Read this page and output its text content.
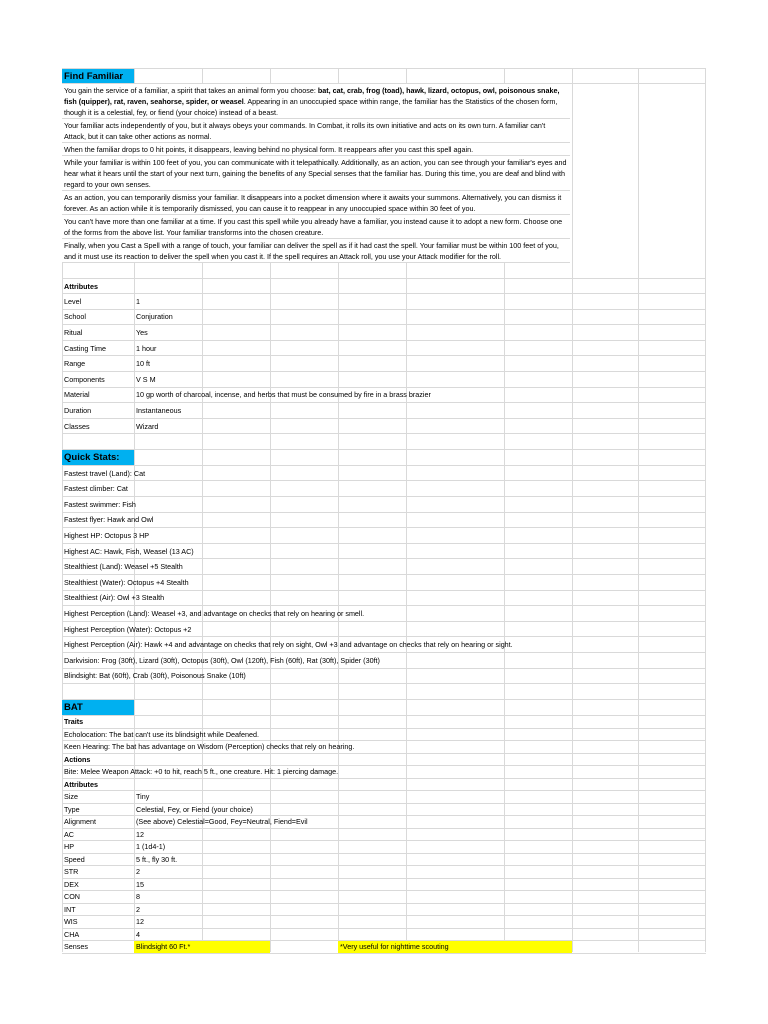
Find Familiar
You gain the service of a familiar, a spirit that takes an animal form you choose: bat, cat, crab, frog (toad), hawk, lizard, octopus, owl, poisonous snake, fish (quipper), rat, raven, seahorse, spider, or weasel. Appearing in an unoccupied space within range, the familiar has the Statistics of the chosen form, though it is a celestial, fey, or fiend (your choice) instead of a beast.
Your familiar acts independently of you, but it always obeys your commands. In Combat, it rolls its own initiative and acts on its own turn. A familiar can't Attack, but it can take other actions as normal.
When the familiar drops to 0 hit points, it disappears, leaving behind no physical form. It reappears after you cast this spell again.
While your familiar is within 100 feet of you, you can communicate with it telepathically. Additionally, as an action, you can see through your familiar's eyes and hear what it hears until the start of your next turn, gaining the benefits of any Special senses that the familiar has. During this time, you are deaf and blind with regard to your own senses.
As an action, you can temporarily dismiss your familiar. It disappears into a pocket dimension where it awaits your summons. Alternatively, you can dismiss it forever. As an action while it is temporarily dismissed, you can cause it to reappear in any unoccupied space within 30 feet of you.
You can't have more than one familiar at a time. If you cast this spell while you already have a familiar, you instead cause it to adopt a new form. Choose one of the forms from the above list. Your familiar transforms into the chosen creature.
Finally, when you Cast a Spell with a range of touch, your familiar can deliver the spell as if it had cast the spell. Your familiar must be within 100 feet of you, and it must use its reaction to deliver the spell when you cast it. If the spell requires an Attack roll, you use your Attack modifier for the roll.
Attributes
Level	1
School	Conjuration
Ritual	Yes
Casting Time	1 hour
Range	10 ft
Components	V S M
Material	10 gp worth of charcoal, incense, and herbs that must be consumed by fire in a brass brazier
Duration	Instantaneous
Classes	Wizard
Quick Stats:
Fastest travel (Land): Cat
Fastest climber: Cat
Fastest swimmer: Fish
Fastest flyer: Hawk and Owl
Highest HP: Octopus 3 HP
Highest AC: Hawk, Fish, Weasel (13 AC)
Stealthiest (Land): Weasel +5 Stealth
Stealthiest (Water): Octopus +4 Stealth
Stealthiest (Air): Owl +3 Stealth
Highest Perception (Land): Weasel +3, and advantage on checks that rely on hearing or smell.
Highest Perception (Water): Octopus +2
Highest Perception (Air): Hawk +4 and advantage on checks that rely on sight, Owl +3 and advantage on checks that rely on hearing or sight.
Darkvision: Frog (30ft), Lizard (30ft), Octopus (30ft), Owl (120ft), Fish (60ft), Rat (30ft), Spider (30ft)
Blindsight: Bat (60ft), Crab (30ft), Poisonous Snake (10ft)
BAT
Traits
Echolocation: The bat can't use its blindsight while Deafened.
Keen Hearing: The bat has advantage on Wisdom (Perception) checks that rely on hearing.
Actions
Bite: Melee Weapon Attack: +0 to hit, reach 5 ft., one creature. Hit: 1 piercing damage.
Attributes
Size	Tiny
Type	Celestial, Fey, or Fiend (your choice)
Alignment	(See above) Celestial=Good, Fey=Neutral, Fiend=Evil
AC	12
HP	1 (1d4-1)
Speed	5 ft., fly 30 ft.
STR	2
DEX	15
CON	8
INT	2
WIS	12
CHA	4
Senses	Blindsight 60 Ft.*	*Very useful for nighttime scouting
